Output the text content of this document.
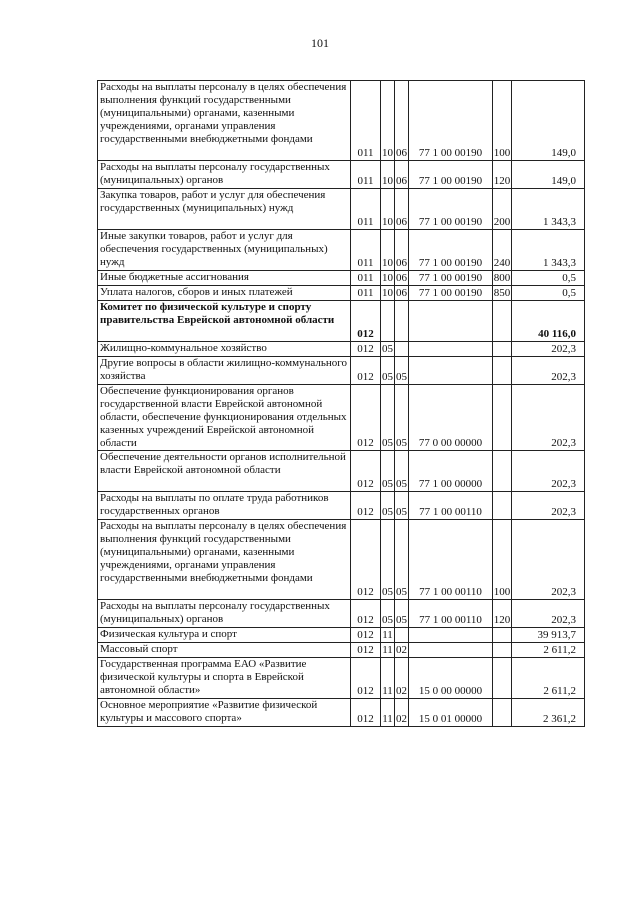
101
Расходы на выплаты персоналу в целях обеспечения выполнения функций государственными (муниципальными) органами, казенными учреждениями, органами управления государственными внебюджетными фондами	011	10	06	77 1 00 00190	100	149,0
Расходы на выплаты персоналу государственных (муниципальных) органов	011	10	06	77 1 00 00190	120	149,0
Закупка товаров, работ и услуг для обеспечения государственных (муниципальных) нужд	011	10	06	77 1 00 00190	200	1 343,3
Иные закупки товаров, работ и услуг для обеспечения государственных (муниципальных) нужд	011	10	06	77 1 00 00190	240	1 343,3
Иные бюджетные ассигнования	011	10	06	77 1 00 00190	800	0,5
Уплата налогов, сборов и иных платежей	011	10	06	77 1 00 00190	850	0,5
Комитет по физической культуре и спорту правительства Еврейской автономной области	012					40 116,0
Жилищно-коммунальное хозяйство	012	05				202,3
Другие вопросы в области жилищно-коммунального хозяйства	012	05	05			202,3
Обеспечение функционирования органов государственной власти Еврейской автономной области, обеспечение функционирования отдельных казенных учреждений Еврейской автономной области	012	05	05	77 0 00 00000		202,3
Обеспечение деятельности органов исполнительной власти Еврейской автономной области	012	05	05	77 1 00 00000		202,3
Расходы на выплаты по оплате труда работников государственных органов	012	05	05	77 1 00 00110		202,3
Расходы на выплаты персоналу в целях обеспечения выполнения функций государственными (муниципальными) органами, казенными учреждениями, органами управления государственными внебюджетными фондами	012	05	05	77 1 00 00110	100	202,3
Расходы на выплаты персоналу государственных (муниципальных) органов	012	05	05	77 1 00 00110	120	202,3
Физическая культура и спорт	012	11				39 913,7
Массовый спорт	012	11	02			2 611,2
Государственная программа ЕАО «Развитие физической культуры и спорта в Еврейской автономной области»	012	11	02	15 0 00 00000		2 611,2
Основное мероприятие «Развитие физической культуры и массового спорта»	012	11	02	15 0 01 00000		2 361,2
